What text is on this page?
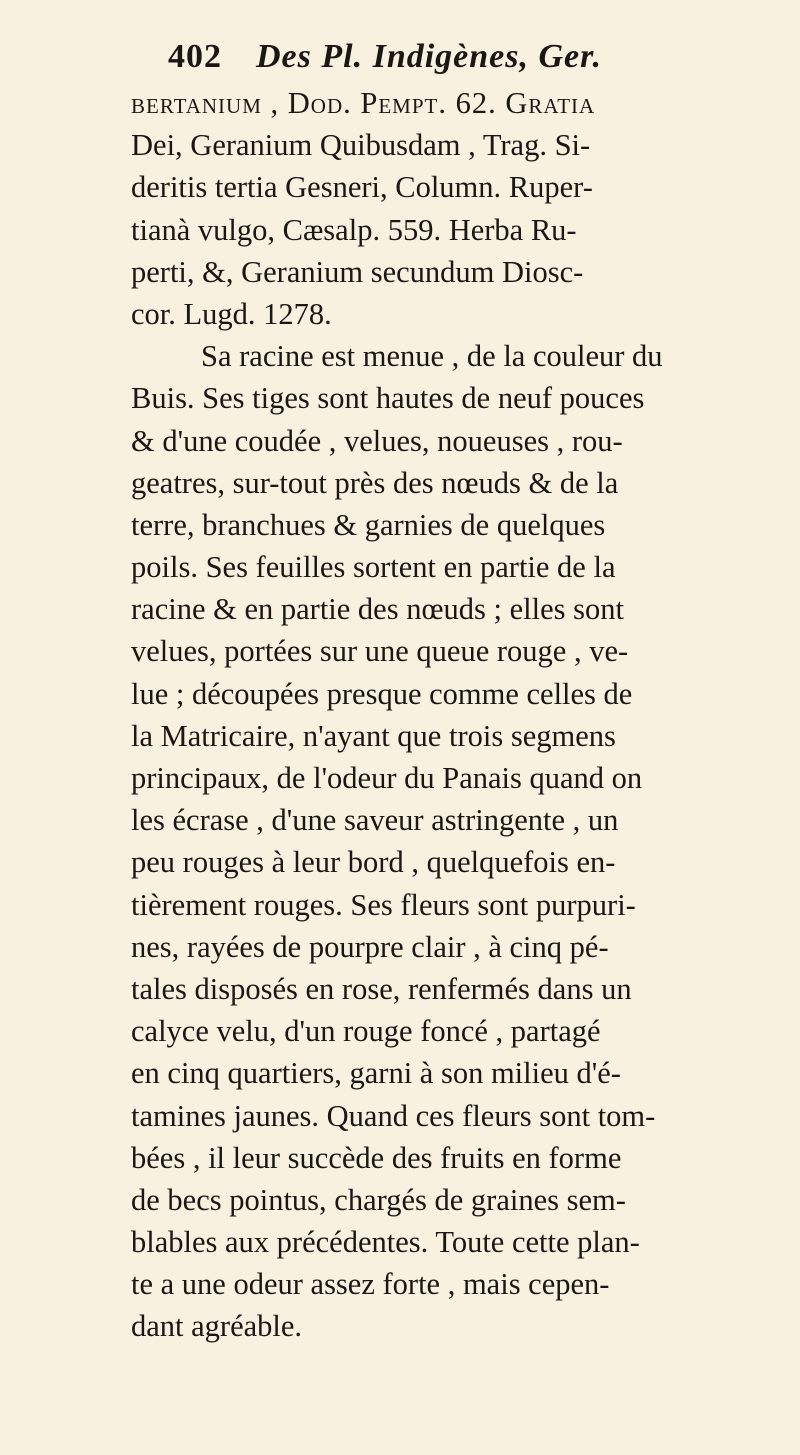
402 Des Pl. Indigènes, Ger.
bertanium , Dod. Pempt. 62. Gratia
Dei, Geranium Quibusdam , Trag. Si-
deritis tertia Gesneri, Column. Ruper-
tianà vulgo, Cæsalp. 559. Herba Ru-
perti, &, Geranium secundum Diosc-
cor. Lugd. 1278.
Sa racine est menue , de la couleur du
Buis. Ses tiges sont hautes de neuf pouces
& d'une coudée , velues, noueuses , rou-
geatres, sur-tout près des nœuds & de la
terre, branchues & garnies de quelques
poils. Ses feuilles sortent en partie de la
racine & en partie des nœuds ; elles sont
velues, portées sur une queue rouge , ve-
lue ; découpées presque comme celles de
la Matricaire, n'ayant que trois segmens
principaux, de l'odeur du Panais quand on
les écrase , d'une saveur astringente , un
peu rouges à leur bord , quelquefois en-
tièrement rouges. Ses fleurs sont purpuri-
nes, rayées de pourpre clair , à cinq pé-
tales disposés en rose, renfermés dans un
calyce velu, d'un rouge foncé , partagé
en cinq quartiers, garni à son milieu d'é-
tamines jaunes. Quand ces fleurs sont tom-
bées , il leur succède des fruits en forme
de becs pointus, chargés de graines sem-
blables aux précédentes. Toute cette plan-
te a une odeur assez forte , mais cepen-
dant agréable.
